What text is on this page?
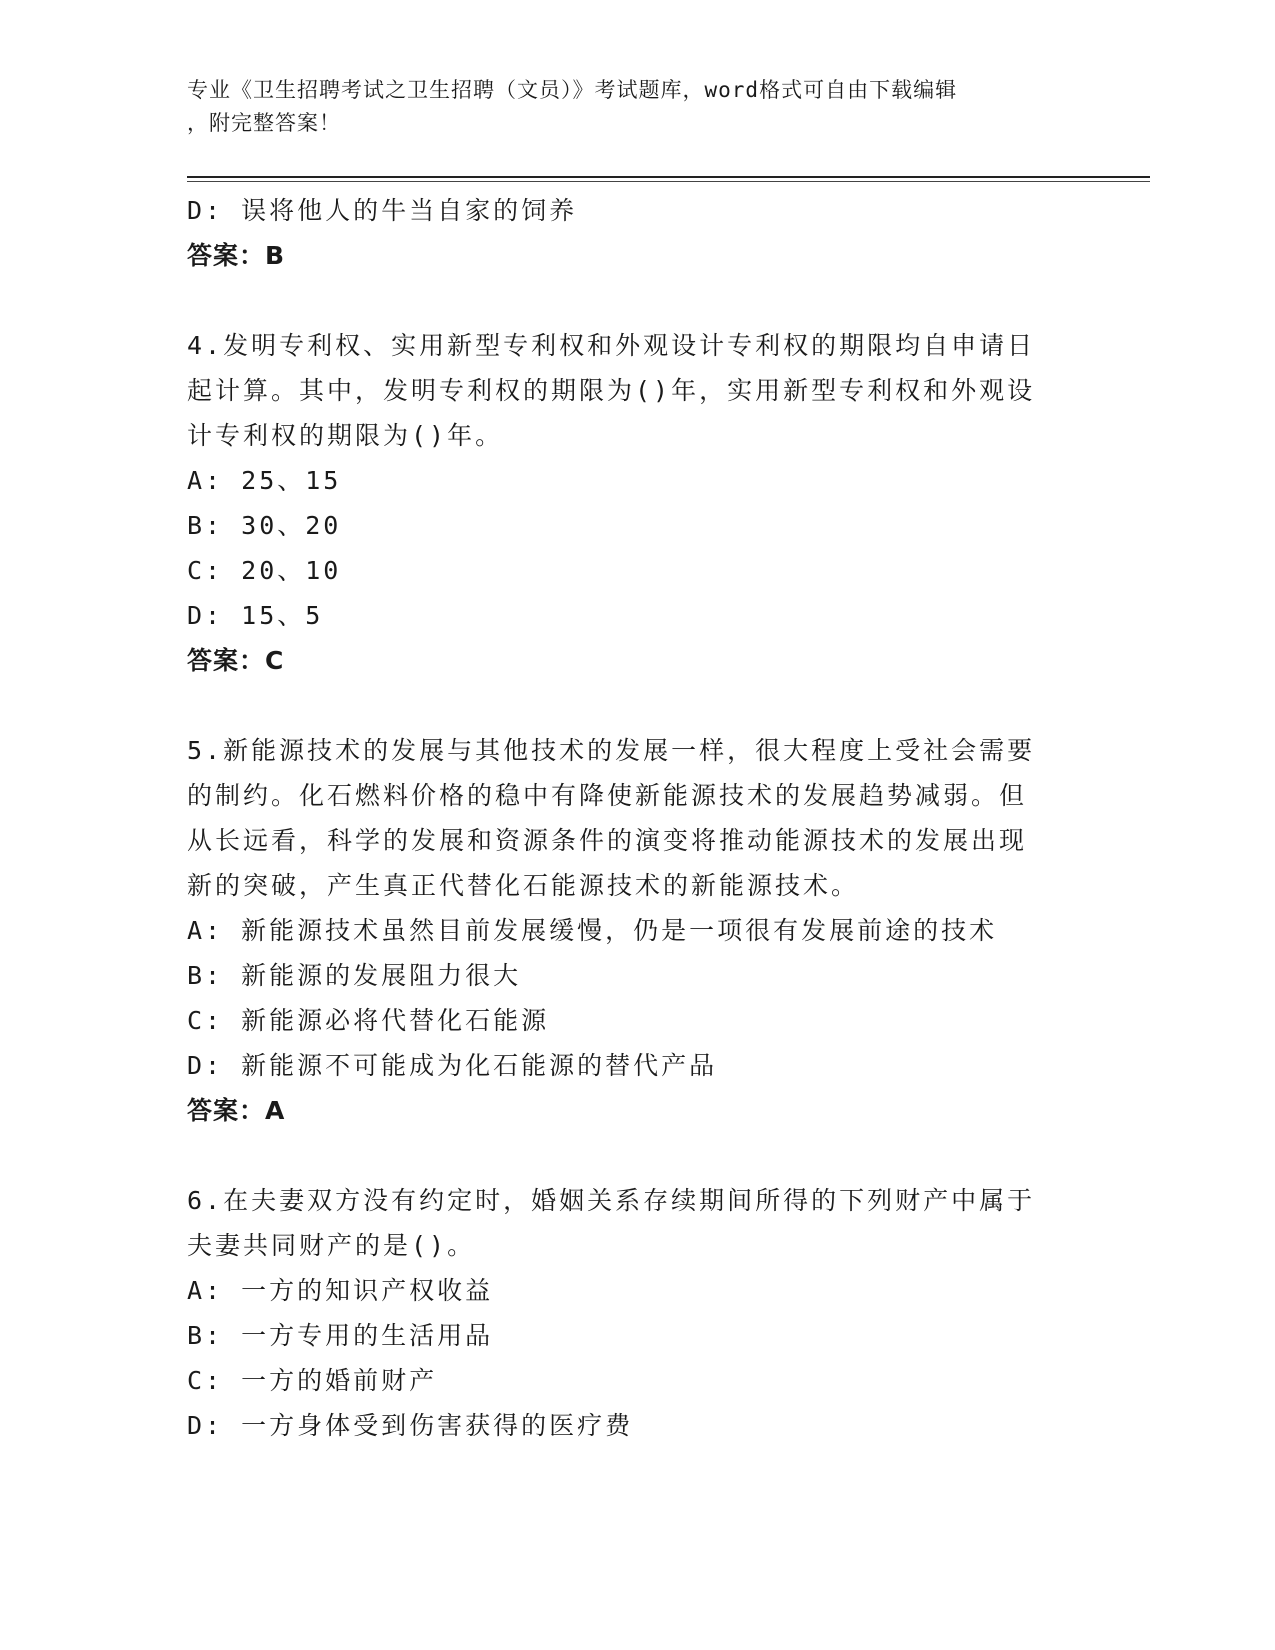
专业《卫生招聘考试之卫生招聘（文员）》考试题库，word格式可自由下载编辑
，附完整答案！
D: 误将他人的牛当自家的饲养
答案：B
4.发明专利权、实用新型专利权和外观设计专利权的期限均自申请日
起计算。其中，发明专利权的期限为()年，实用新型专利权和外观设
计专利权的期限为()年。
A: 25、15
B: 30、20
C: 20、10
D: 15、5
答案：C
5.新能源技术的发展与其他技术的发展一样，很大程度上受社会需要
的制约。化石燃料价格的稳中有降使新能源技术的发展趋势减弱。但
从长远看，科学的发展和资源条件的演变将推动能源技术的发展出现
新的突破，产生真正代替化石能源技术的新能源技术。
A: 新能源技术虽然目前发展缓慢，仍是一项很有发展前途的技术
B: 新能源的发展阻力很大
C: 新能源必将代替化石能源
D: 新能源不可能成为化石能源的替代产品
答案：A
6.在夫妻双方没有约定时，婚姻关系存续期间所得的下列财产中属于
夫妻共同财产的是()。
A: 一方的知识产权收益
B: 一方专用的生活用品
C: 一方的婚前财产
D: 一方身体受到伤害获得的医疗费
